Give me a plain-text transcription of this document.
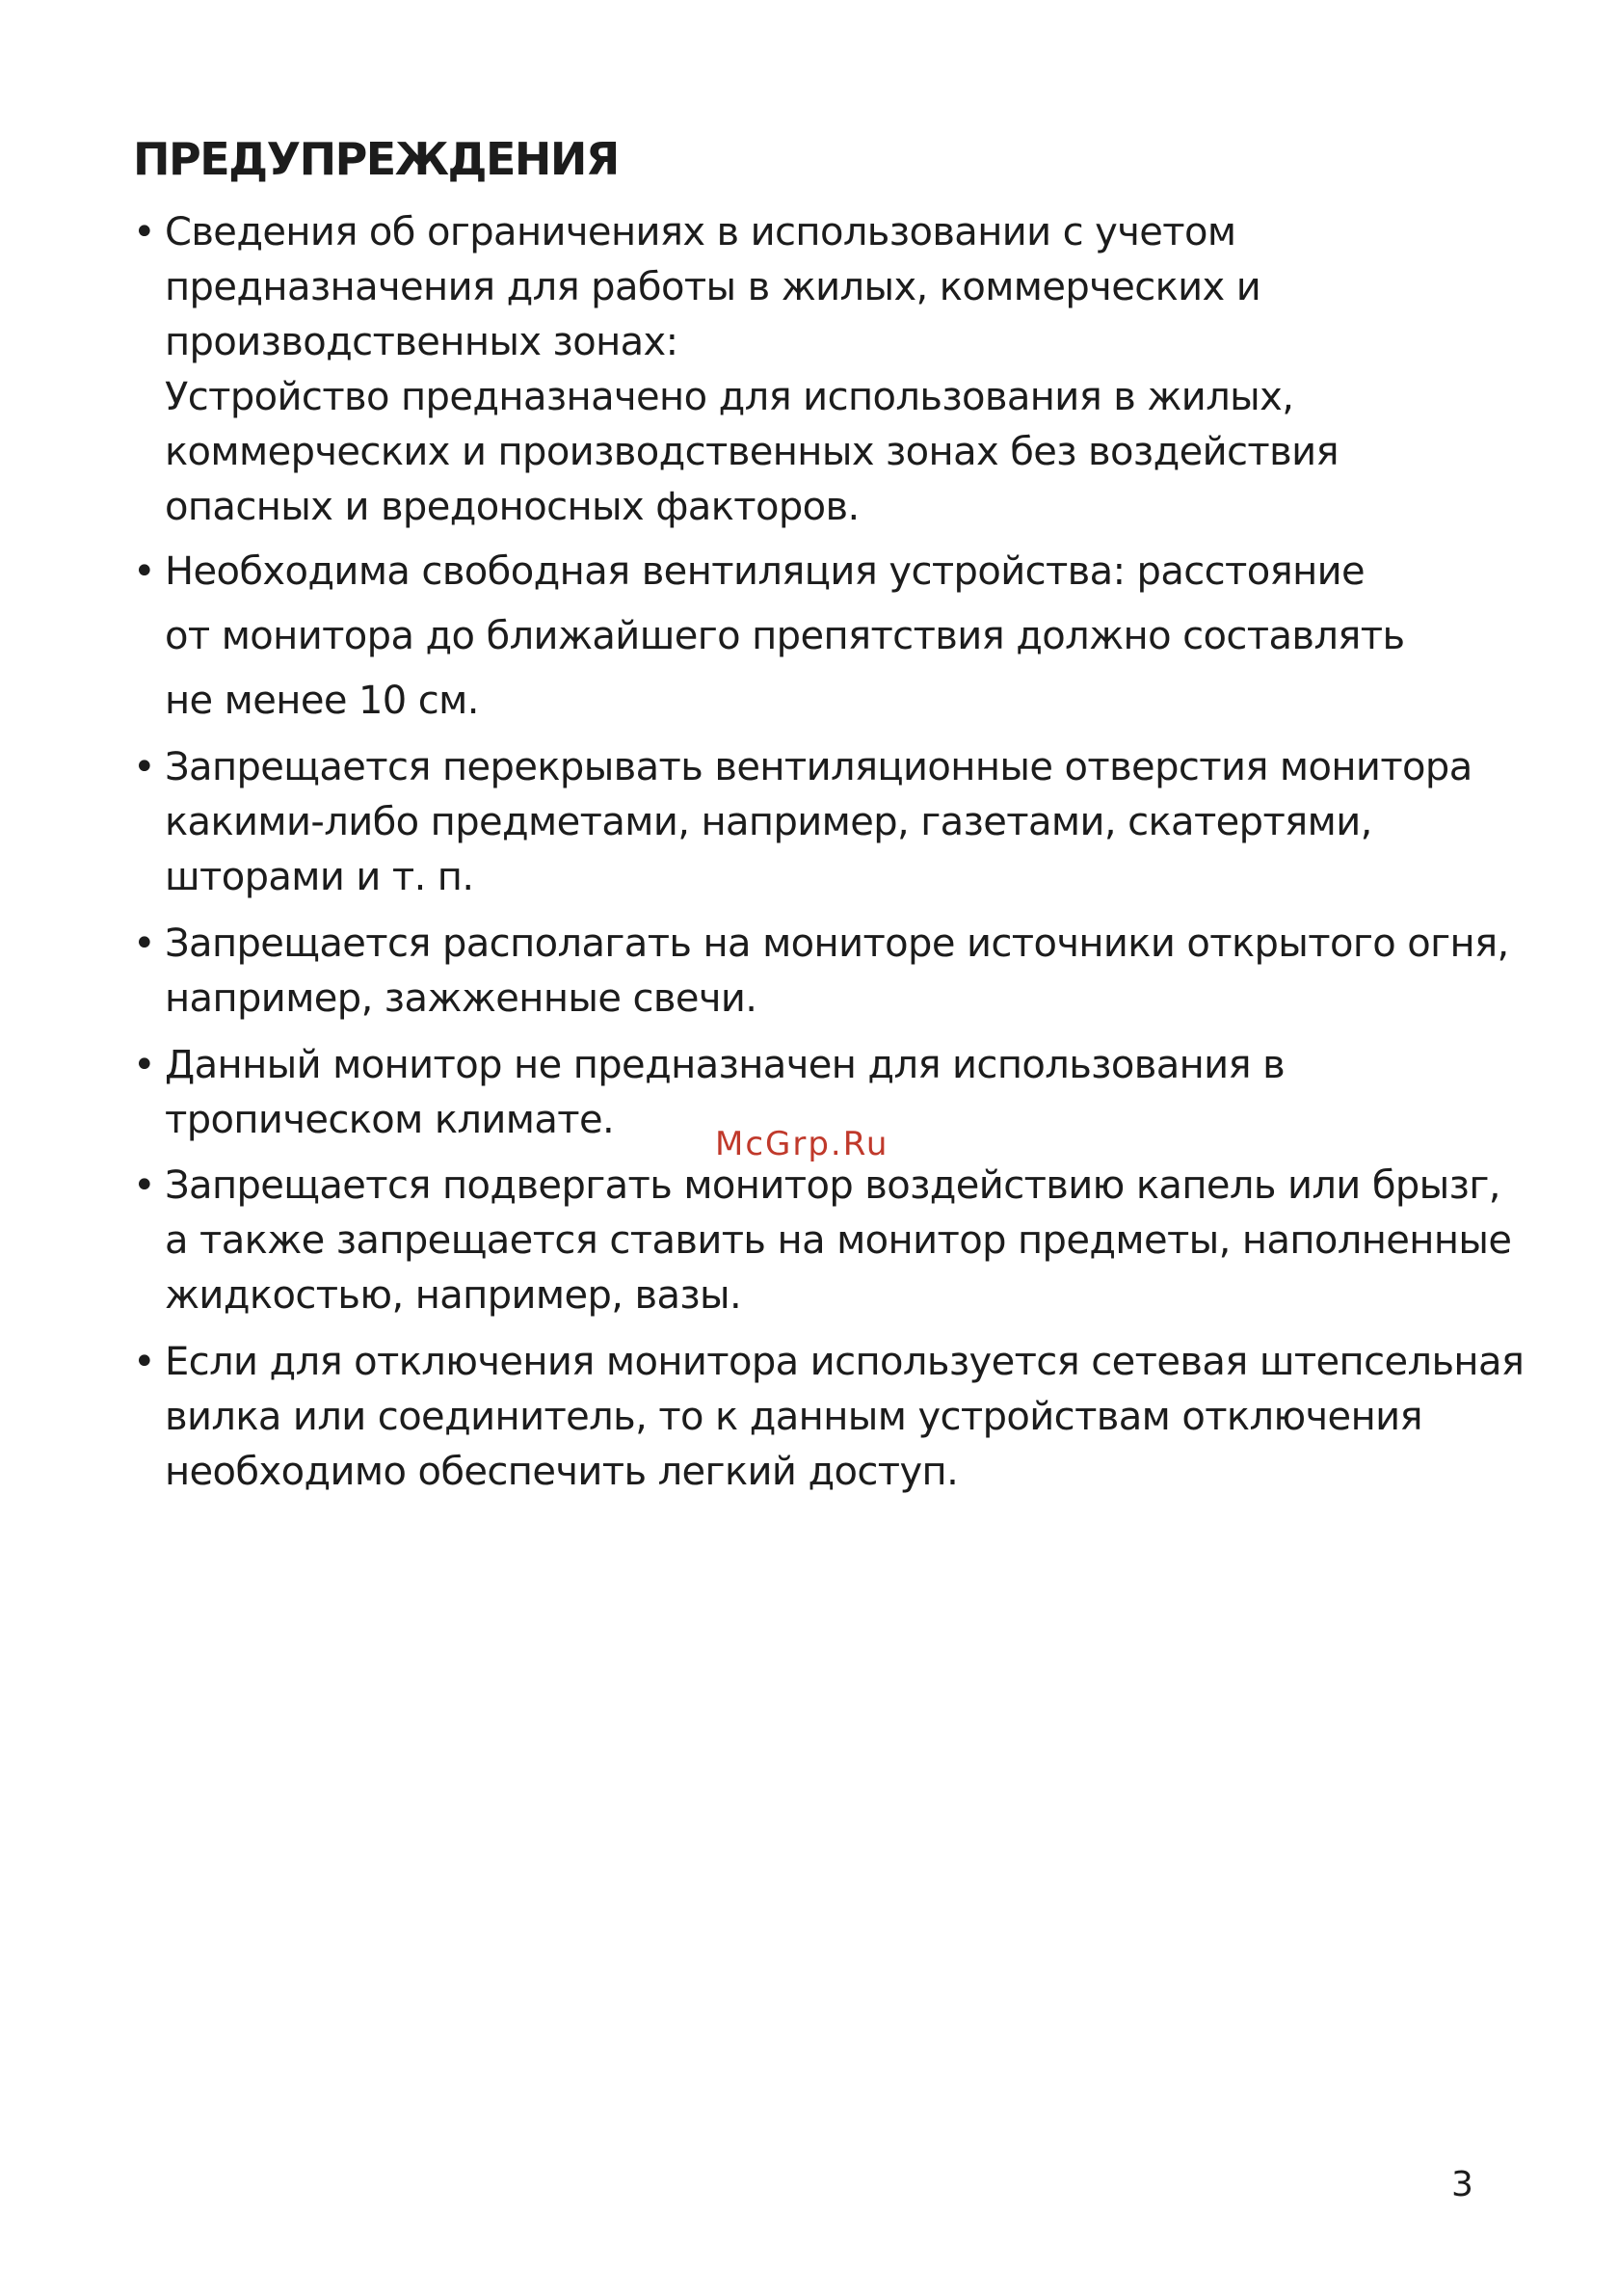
ПРЕДУПРЕЖДЕНИЯ
• Сведения об ограничениях в использовании с учетом
предназначения для работы в жилых, коммерческих и
производственных зонах:
Устройство предназначено для использования в жилых,
коммерческих и производственных зонах без воздействия
опасных и вредоносных факторов.
• Необходима свободная вентиляция устройства: расстояние
от монитора до ближайшего препятствия должно составлять
не менее 10 см.
• Запрещается перекрывать вентиляционные отверстия монитора
какими-либо предметами, например, газетами, скатертями,
шторами и т. п.
• Запрещается располагать на мониторе источники открытого огня,
например, зажженные свечи.
• Данный монитор не предназначен для использования в
тропическом климате.
• Запрещается подвергать монитор воздействию капель или брызг,
а также запрещается ставить на монитор предметы, наполненные
жидкостью, например, вазы.
• Если для отключения монитора используется сетевая штепсельная
вилка или соединитель, то к данным устройствам отключения
необходимо обеспечить легкий доступ.
McGrp.Ru
3
